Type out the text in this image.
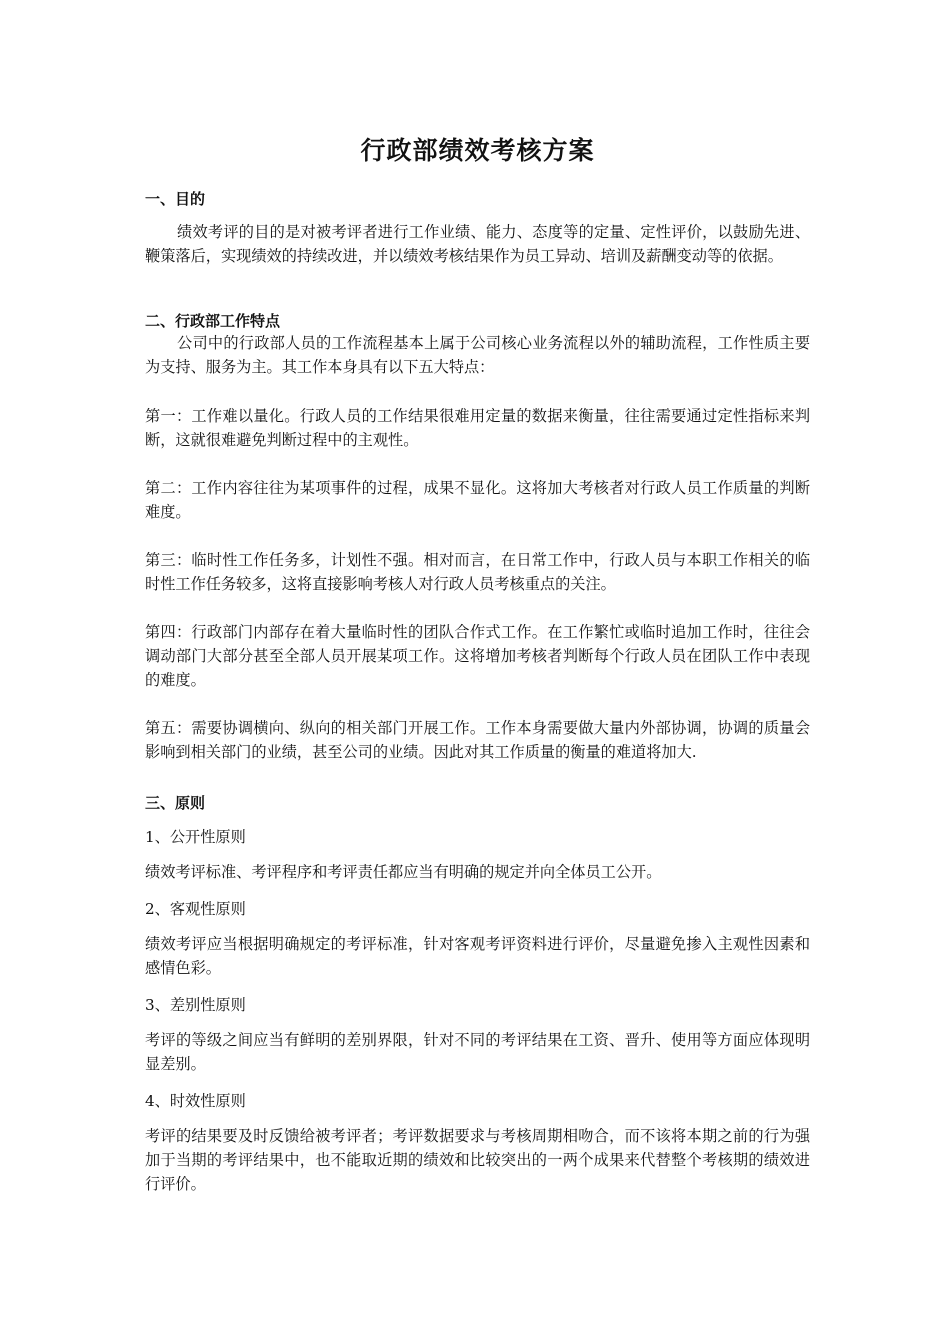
行政部绩效考核方案
一、目的

绩效考评的目的是对被考评者进行工作业绩、能力、态度等的定量、定性评价，以鼓励先进、鞭策落后，实现绩效的持续改进，并以绩效考核结果作为员工异动、培训及薪酬变动等的依据。

二、行政部工作特点

公司中的行政部人员的工作流程基本上属于公司核心业务流程以外的辅助流程，工作性质主要为支持、服务为主。其工作本身具有以下五大特点：

第一：工作难以量化。行政人员的工作结果很难用定量的数据来衡量，往往需要通过定性指标来判断，这就很难避免判断过程中的主观性。

第二：工作内容往往为某项事件的过程，成果不显化。这将加大考核者对行政人员工作质量的判断难度。

第三：临时性工作任务多，计划性不强。相对而言，在日常工作中，行政人员与本职工作相关的临时性工作任务较多，这将直接影响考核人对行政人员考核重点的关注。

第四：行政部门内部存在着大量临时性的团队合作式工作。在工作繁忙或临时追加工作时，往往会调动部门大部分甚至全部人员开展某项工作。这将增加考核者判断每个行政人员在团队工作中表现的难度。

第五：需要协调横向、纵向的相关部门开展工作。工作本身需要做大量内外部协调，协调的质量会影响到相关部门的业绩，甚至公司的业绩。因此对其工作质量的衡量的难道将加大.

三、原则

1、公开性原则

绩效考评标准、考评程序和考评责任都应当有明确的规定并向全体员工公开。

2、客观性原则

绩效考评应当根据明确规定的考评标准，针对客观考评资料进行评价，尽量避免掺入主观性因素和感情色彩。

3、差别性原则

考评的等级之间应当有鲜明的差别界限，针对不同的考评结果在工资、晋升、使用等方面应体现明显差别。

4、时效性原则

考评的结果要及时反馈给被考评者；考评数据要求与考核周期相吻合，而不该将本期之前的行为强加于当期的考评结果中，也不能取近期的绩效和比较突出的一两个成果来代替整个考核期的绩效进行评价。
